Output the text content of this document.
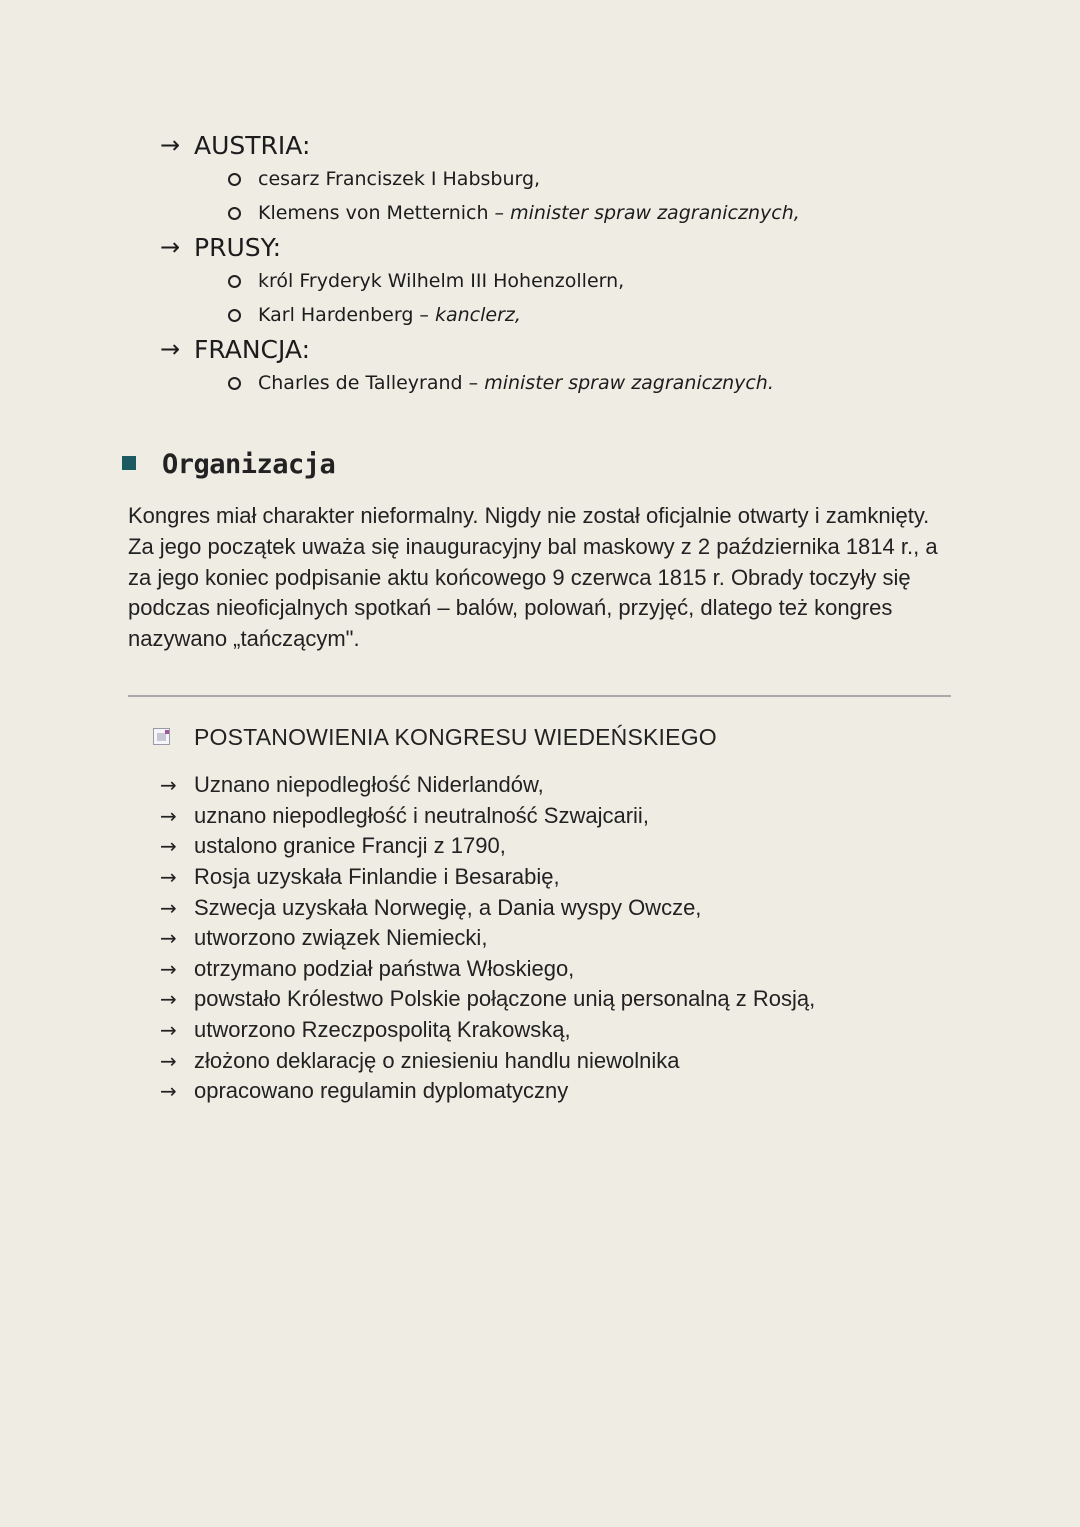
→ AUSTRIA:
cesarz Franciszek I Habsburg,
Klemens von Metternich – minister spraw zagranicznych,
→ PRUSY:
król Fryderyk Wilhelm III Hohenzollern,
Karl Hardenberg – kanclerz,
→ FRANCJA:
Charles de Talleyrand – minister spraw zagranicznych.
Organizacja

Kongres miał charakter nieformalny. Nigdy nie został oficjalnie otwarty i zamknięty. Za jego początek uważa się inauguracyjny bal maskowy z 2 października 1814 r., a za jego koniec podpisanie aktu końcowego 9 czerwca 1815 r. Obrady toczyły się podczas nieoficjalnych spotkań – balów, polowań, przyjęć, dlatego też kongres nazywano „tańczącym".

POSTANOWIENIA KONGRESU WIEDEŃSKIEGO
→ Uznano niepodległość Niderlandów,
→ uznano niepodległość i neutralność Szwajcarii,
→ ustalono granice Francji z 1790,
→ Rosja uzyskała Finlandie i Besarabię,
→ Szwecja uzyskała Norwegię, a Dania wyspy Owcze,
→ utworzono związek Niemiecki,
→ otrzymano podział państwa Włoskiego,
→ powstało Królestwo Polskie połączone unią personalną z Rosją,
→ utworzono Rzeczpospolitą Krakowską,
→ złożono deklarację o zniesieniu handlu niewolnika
→ opracowano regulamin dyplomatyczny
